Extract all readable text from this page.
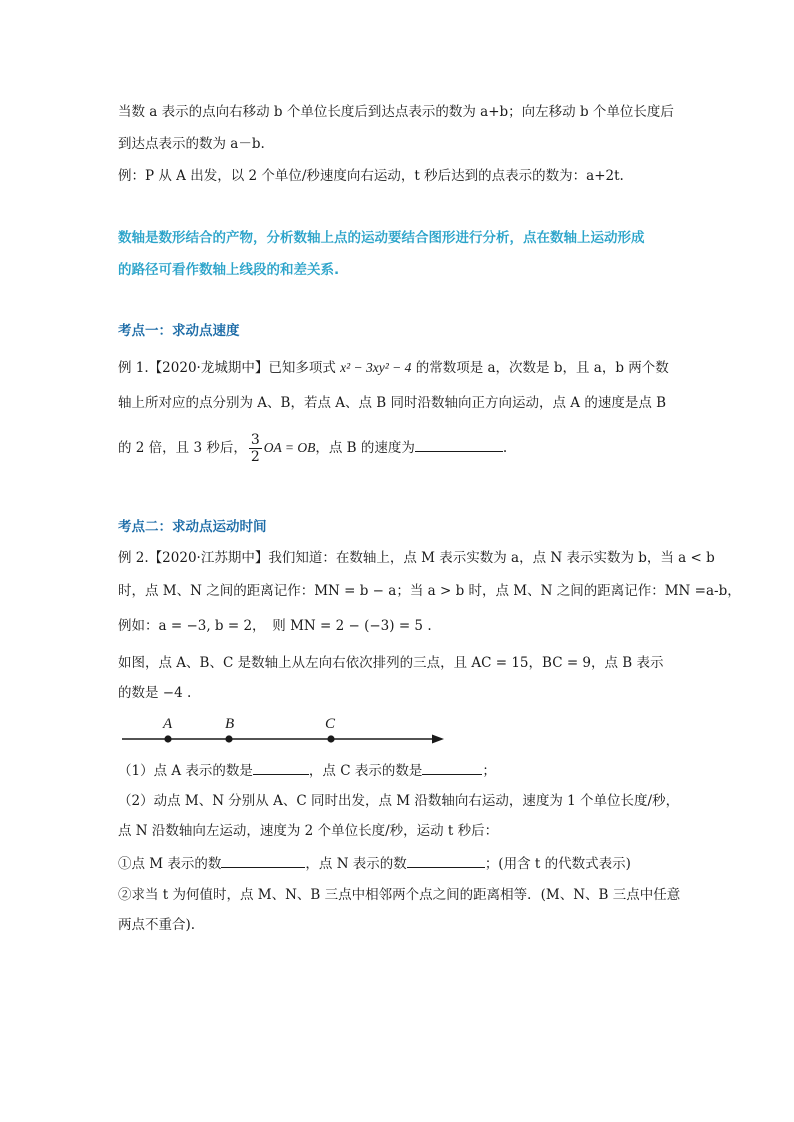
当数 a 表示的点向右移动 b 个单位长度后到达点表示的数为 a+b；向左移动 b 个单位长度后
到达点表示的数为 a－b.
例：P 从 A 出发，以 2 个单位/秒速度向右运动，t 秒后达到的点表示的数为：a+2t.
数轴是数形结合的产物，分析数轴上点的运动要结合图形进行分析，点在数轴上运动形成
的路径可看作数轴上线段的和差关系.
考点一：求动点速度
例 1.【2020·龙城期中】已知多项式 x² − 3xy² − 4 的常数项是 a，次数是 b，且 a，b 两个数
轴上所对应的点分别为 A、B，若点 A、点 B 同时沿数轴向正方向运动，点 A 的速度是点 B
的 2 倍，且 3 秒后， $\frac{3}{2}$ OA = OB，点 B 的速度为	.
考点二：求动点运动时间
例 2.【2020·江苏期中】我们知道：在数轴上，点 M 表示实数为 a，点 N 表示实数为 b，当 a < b
时，点 M、N 之间的距离记作：MN = b − a；当 a > b 时，点 M、N 之间的距离记作：MN =a-b，
例如：a = −3, b = 2，　则 MN = 2 − (−3) = 5 .
如图，点 A、B、C 是数轴上从左向右依次排列的三点，且 AC = 15，BC = 9，点 B 表示
的数是 −4 .
A	B	C
（1）点 A 表示的数是	，点 C 表示的数是	；
（2）动点 M、N 分别从 A、C 同时出发，点 M 沿数轴向右运动，速度为 1 个单位长度/秒，
点 N 沿数轴向左运动，速度为 2 个单位长度/秒，运动 t 秒后：
①点 M 表示的数	，点 N 表示的数	；(用含 t 的代数式表示)
②求当 t 为何值时，点 M、N、B 三点中相邻两个点之间的距离相等．(M、N、B 三点中任意
两点不重合).
